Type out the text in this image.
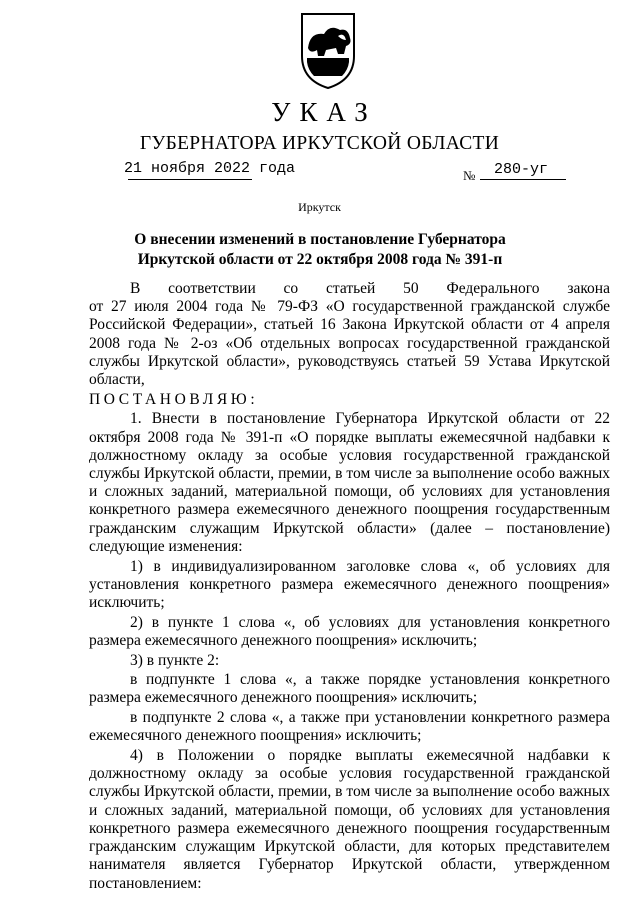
УКАЗ
ГУБЕРНАТОРА ИРКУТСКОЙ ОБЛАСТИ
21 ноября 2022 года	№ 280-уг
Иркутск
О внесении изменений в постановление Губернатора
Иркутской области от 22 октября 2008 года № 391-п

В соответствии со статьей 50 Федерального закона

от 27 июля 2004 года № 79-ФЗ «О государственной гражданской службе Российской Федерации», статьей 16 Закона Иркутской области от 4 апреля 2008 года № 2-оз «Об отдельных вопросах государственной гражданской службы Иркутской области», руководствуясь статьей 59 Устава Иркутской области,

ПОСТАНОВЛЯЮ:

1. Внести в постановление Губернатора Иркутской области от 22 октября 2008 года № 391-п «О порядке выплаты ежемесячной надбавки к должностному окладу за особые условия государственной гражданской службы Иркутской области, премии, в том числе за выполнение особо важных и сложных заданий, материальной помощи, об условиях для установления конкретного размера ежемесячного денежного поощрения государственным гражданским служащим Иркутской области» (далее – постановление) следующие изменения:

1) в индивидуализированном заголовке слова «, об условиях для установления конкретного размера ежемесячного денежного поощрения» исключить;

2) в пункте 1 слова «, об условиях для установления конкретного размера ежемесячного денежного поощрения» исключить;

3) в пункте 2:

в подпункте 1 слова «, а также порядке установления конкретного размера ежемесячного денежного поощрения» исключить;

в подпункте 2 слова «, а также при установлении конкретного размера ежемесячного денежного поощрения» исключить;

4) в Положении о порядке выплаты ежемесячной надбавки к должностному окладу за особые условия государственной гражданской службы Иркутской области, премии, в том числе за выполнение особо важных и сложных заданий, материальной помощи, об условиях для установления конкретного размера ежемесячного денежного поощрения государственным гражданским служащим Иркутской области, для которых представителем нанимателя является Губернатор Иркутской области, утвержденном постановлением:
